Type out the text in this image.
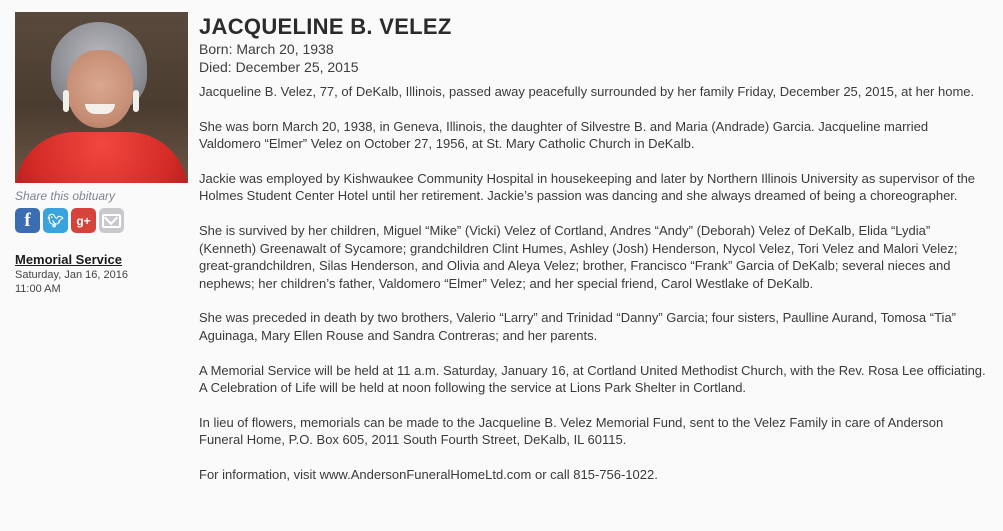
Share this obituary
f	🐦︎	g+
Memorial Service
Saturday, Jan 16, 2016
11:00 AM
JACQUELINE B. VELEZ
Born: March 20, 1938
Died: December 25, 2015

Jacqueline B. Velez, 77, of DeKalb, Illinois, passed away peacefully surrounded by her family Friday, December 25, 2015, at her home.

She was born March 20, 1938, in Geneva, Illinois, the daughter of Silvestre B. and Maria (Andrade) Garcia. Jacqueline married Valdomero “Elmer” Velez on October 27, 1956, at St. Mary Catholic Church in DeKalb.

Jackie was employed by Kishwaukee Community Hospital in housekeeping and later by Northern Illinois University as supervisor of the Holmes Student Center Hotel until her retirement. Jackie’s passion was dancing and she always dreamed of being a choreographer.

She is survived by her children, Miguel “Mike” (Vicki) Velez of Cortland, Andres “Andy” (Deborah) Velez of DeKalb, Elida “Lydia” (Kenneth) Greenawalt of Sycamore; grandchildren Clint Humes, Ashley (Josh) Henderson, Nycol Velez, Tori Velez and Malori Velez; great-grandchildren, Silas Henderson, and Olivia and Aleya Velez; brother, Francisco “Frank” Garcia of DeKalb; several nieces and nephews; her children’s father, Valdomero “Elmer” Velez; and her special friend, Carol Westlake of DeKalb.

She was preceded in death by two brothers, Valerio “Larry” and Trinidad “Danny” Garcia; four sisters, Paulline Aurand, Tomosa “Tia” Aguinaga, Mary Ellen Rouse and Sandra Contreras; and her parents.

A Memorial Service will be held at 11 a.m. Saturday, January 16, at Cortland United Methodist Church, with the Rev. Rosa Lee officiating. A Celebration of Life will be held at noon following the service at Lions Park Shelter in Cortland.

In lieu of flowers, memorials can be made to the Jacqueline B. Velez Memorial Fund, sent to the Velez Family in care of Anderson Funeral Home, P.O. Box 605, 2011 South Fourth Street, DeKalb, IL 60115.

For information, visit www.AndersonFuneralHomeLtd.com or call 815-756-1022.
